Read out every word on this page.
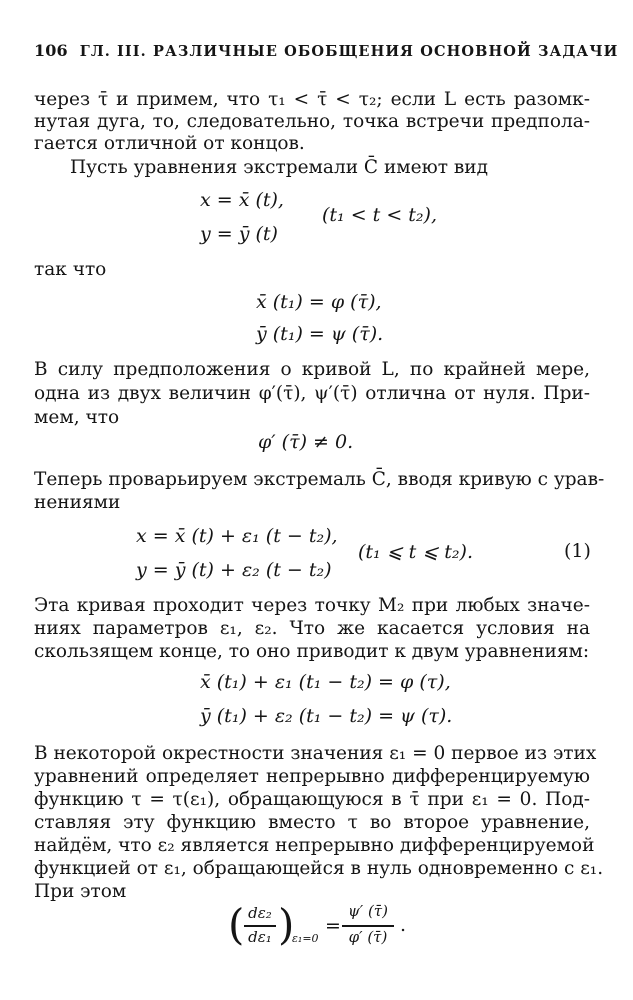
106 ГЛ. III. РАЗЛИЧНЫЕ ОБОБЩЕНИЯ ОСНОВНОЙ ЗАДАЧИ
через τ̄ и примем, что τ₁ < τ̄ < τ₂; если L есть разомк-
нутая дуга, то, следовательно, точка встречи предпола-
гается отличной от концов.
Пусть уравнения экстремали C̄ имеют вид
x = x̄ (t),
y = ȳ (t)
(t₁ < t < t₂),
так что
x̄ (t₁) = φ (τ̄),
ȳ (t₁) = ψ (τ̄).
В силу предположения о кривой L, по крайней мере,
одна из двух величин φ′(τ̄), ψ′(τ̄) отлична от нуля. При-
мем, что
φ′ (τ̄) ≠ 0.
Теперь проварьируем экстремаль C̄, вводя кривую с урав-
нениями
x = x̄ (t) + ε₁ (t − t₂),
y = ȳ (t) + ε₂ (t − t₂)
(t₁ ⩽ t ⩽ t₂).	(1)
Эта кривая проходит через точку M₂ при любых значе-
ниях параметров ε₁, ε₂. Что же касается условия на
скользящем конце, то оно приводит к двум уравнениям:
x̄ (t₁) + ε₁ (t₁ − t₂) = φ (τ),
ȳ (t₁) + ε₂ (t₁ − t₂) = ψ (τ).
В некоторой окрестности значения ε₁ = 0 первое из этих
уравнений определяет непрерывно дифференцируемую
функцию τ = τ(ε₁), обращающуюся в τ̄ при ε₁ = 0. Под-
ставляя эту функцию вместо τ во второе уравнение,
найдём, что ε₂ является непрерывно дифференцируемой
функцией от ε₁, обращающейся в нуль одновременно с ε₁.
При этом
( dε₂
dε₁ )
ε₁=0
=
ψ′ (τ̄)
φ′ (τ̄)
.
